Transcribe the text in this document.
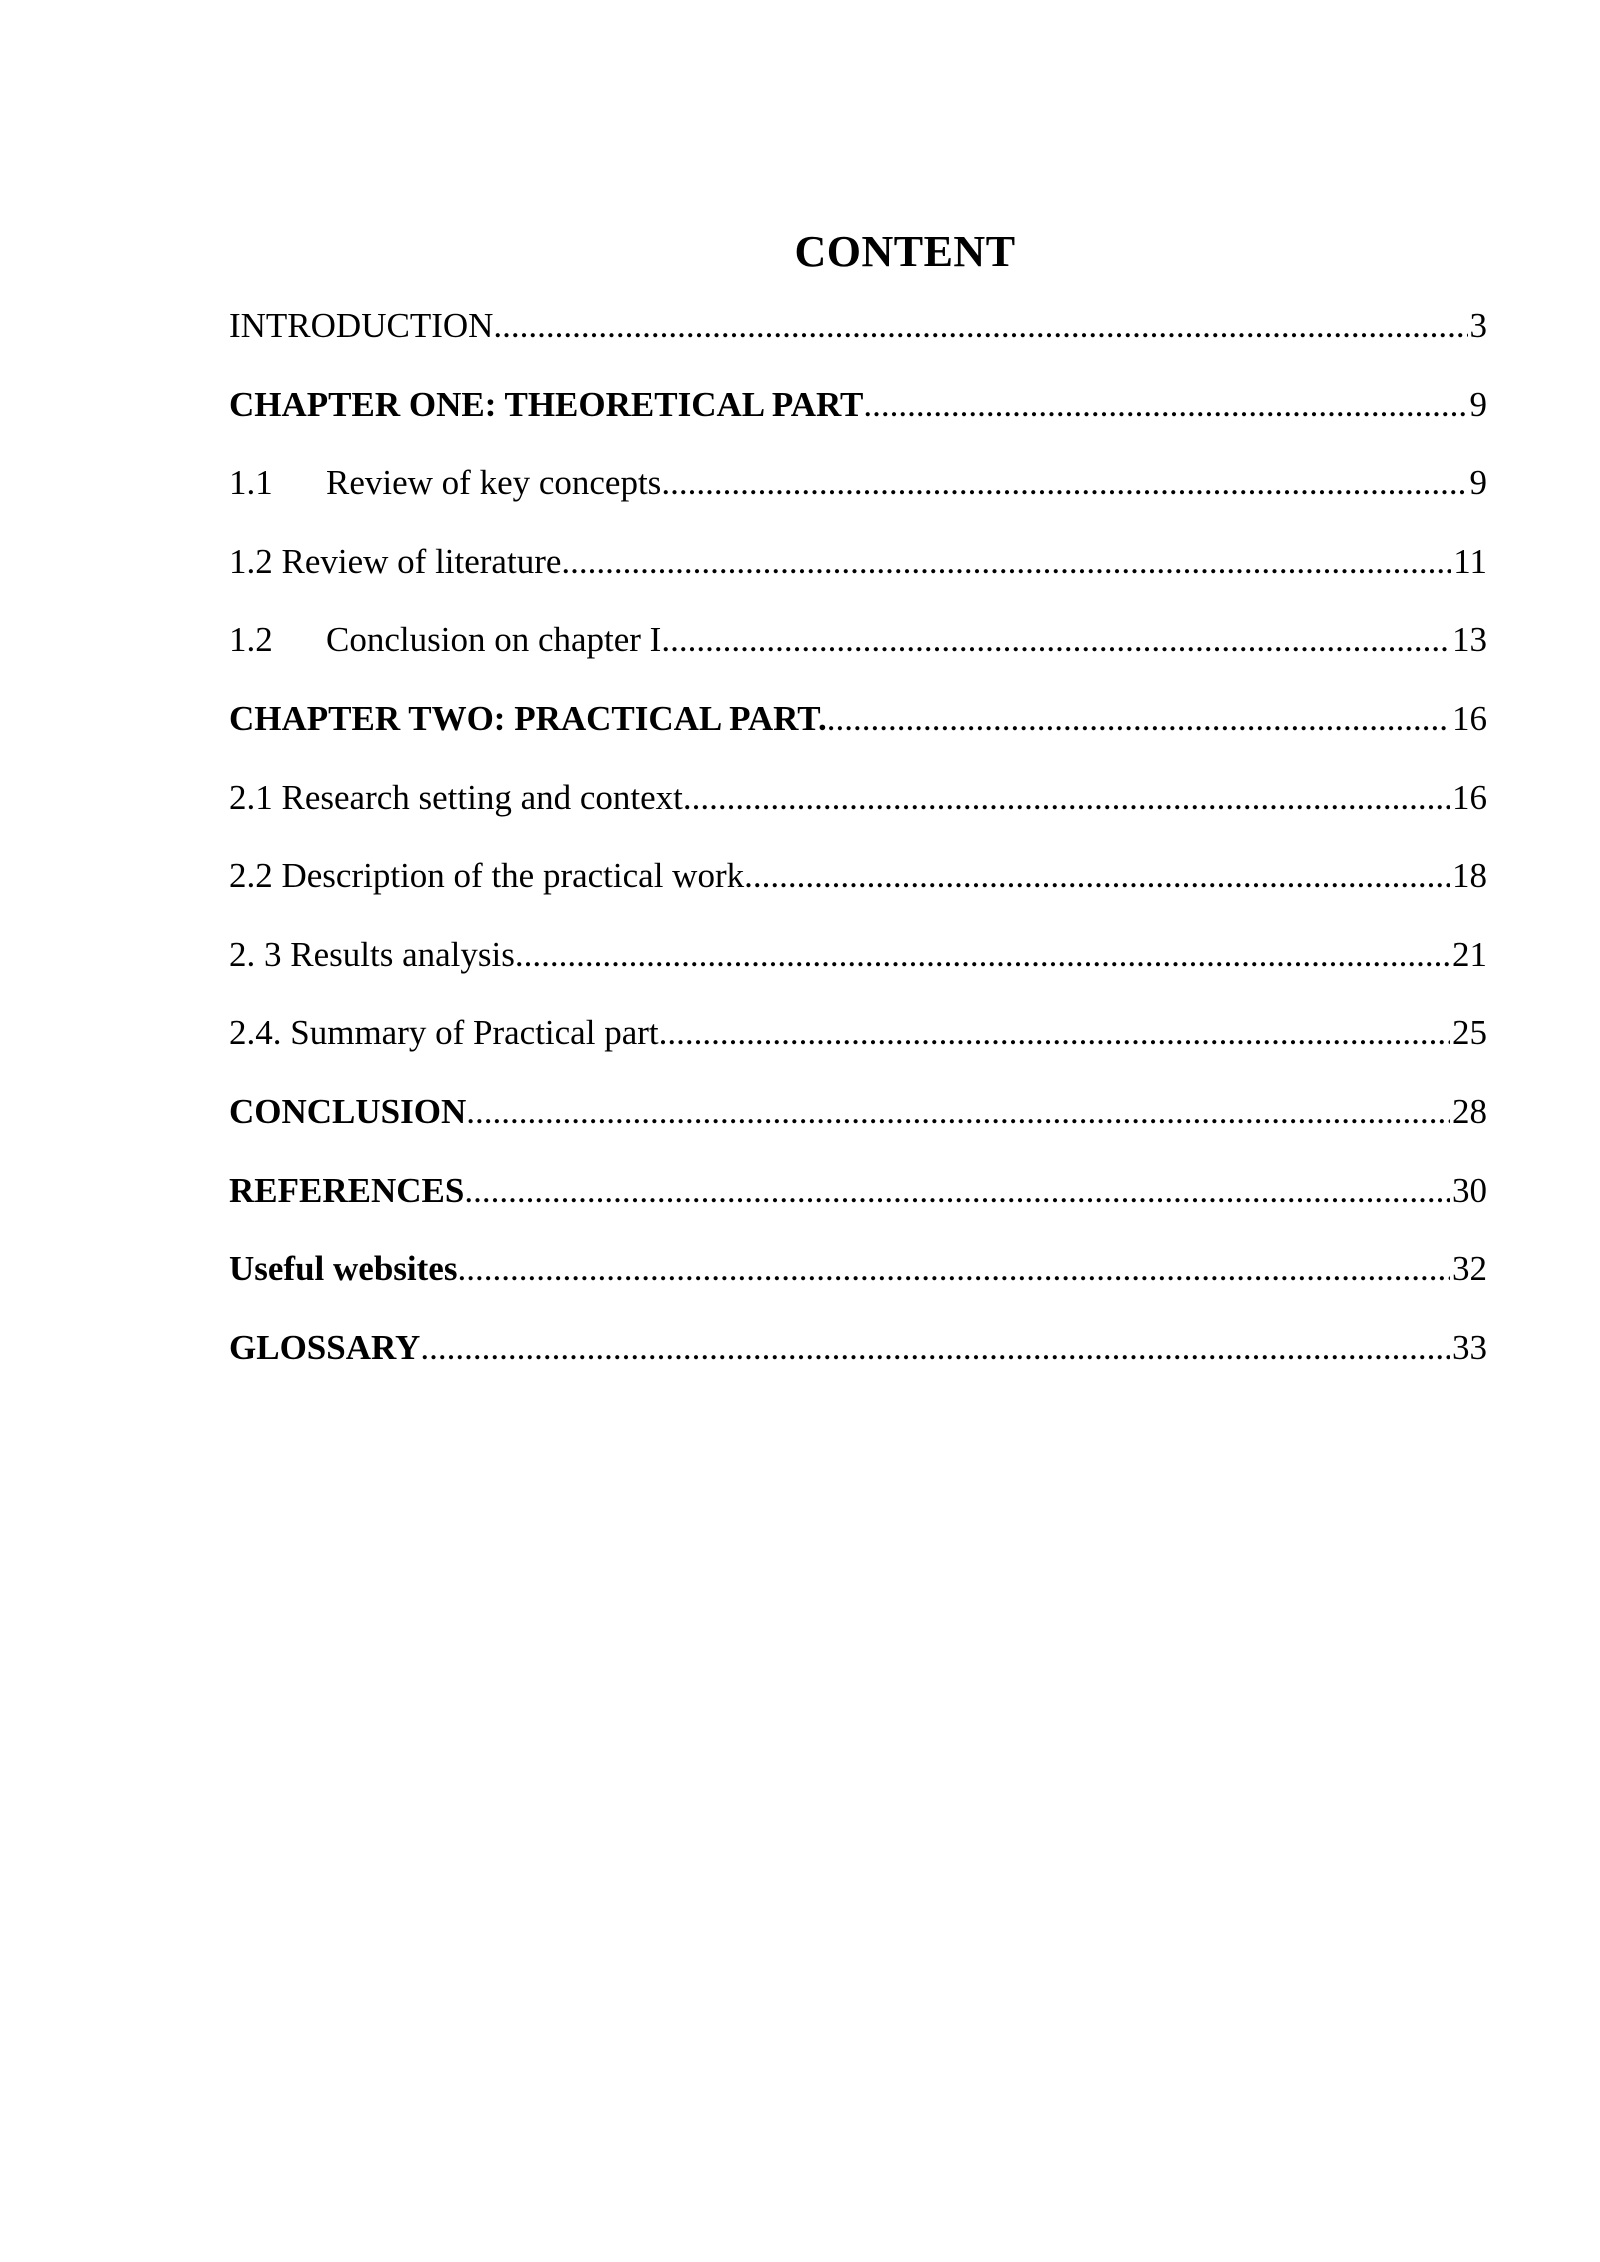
CONTENT
INTRODUCTION .....	3
CHAPTER ONE: THEORETICAL PART .....	9
1.1 Review of key concepts .....	9
1.2 Review of literature .....	11
1.2 Conclusion on chapter I .....	13
CHAPTER TWO: PRACTICAL PART. .....	16
2.1 Research setting and context .....	16
2.2 Description of the practical work .....	18
2. 3 Results analysis .....	21
2.4. Summary of Practical part .....	25
CONCLUSION .....	28
REFERENCES .....	30
Useful websites .....	32
GLOSSARY .....	33
